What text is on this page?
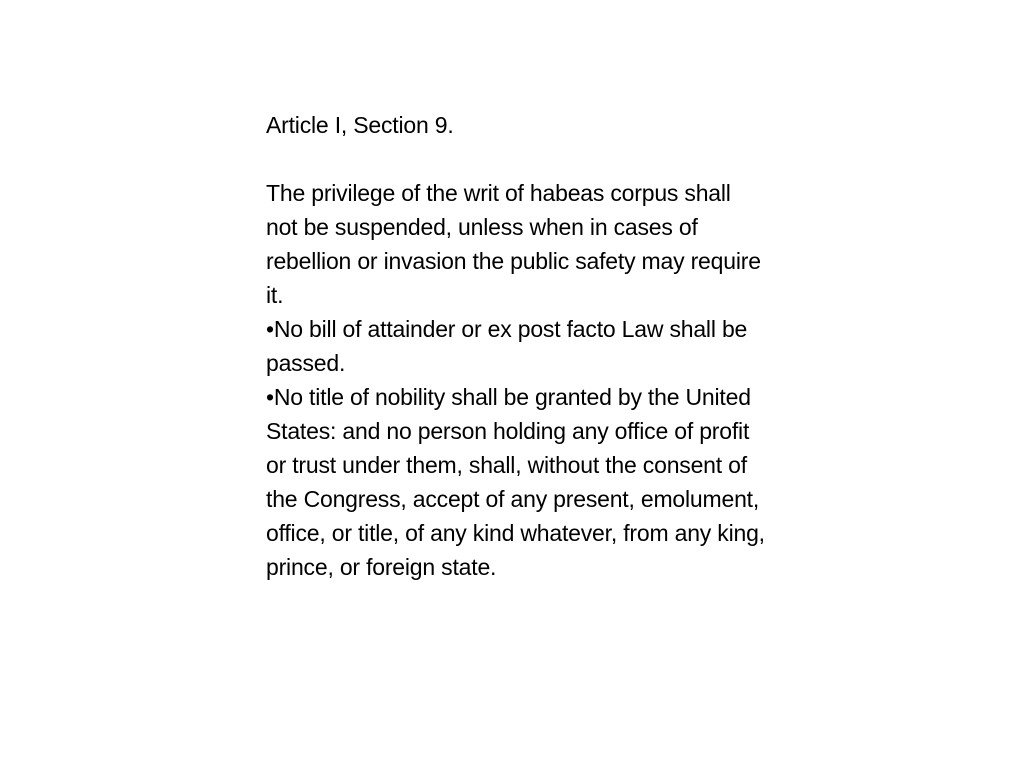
Article I, Section 9.

The privilege of the writ of habeas corpus shall not be suspended, unless when in cases of rebellion or invasion the public safety may require it.

•No bill of attainder or ex post facto Law shall be passed.

•No title of nobility shall be granted by the United States: and no person holding any office of profit or trust under them, shall, without the consent of the Congress, accept of any present, emolument, office, or title, of any kind whatever, from any king, prince, or foreign state.
